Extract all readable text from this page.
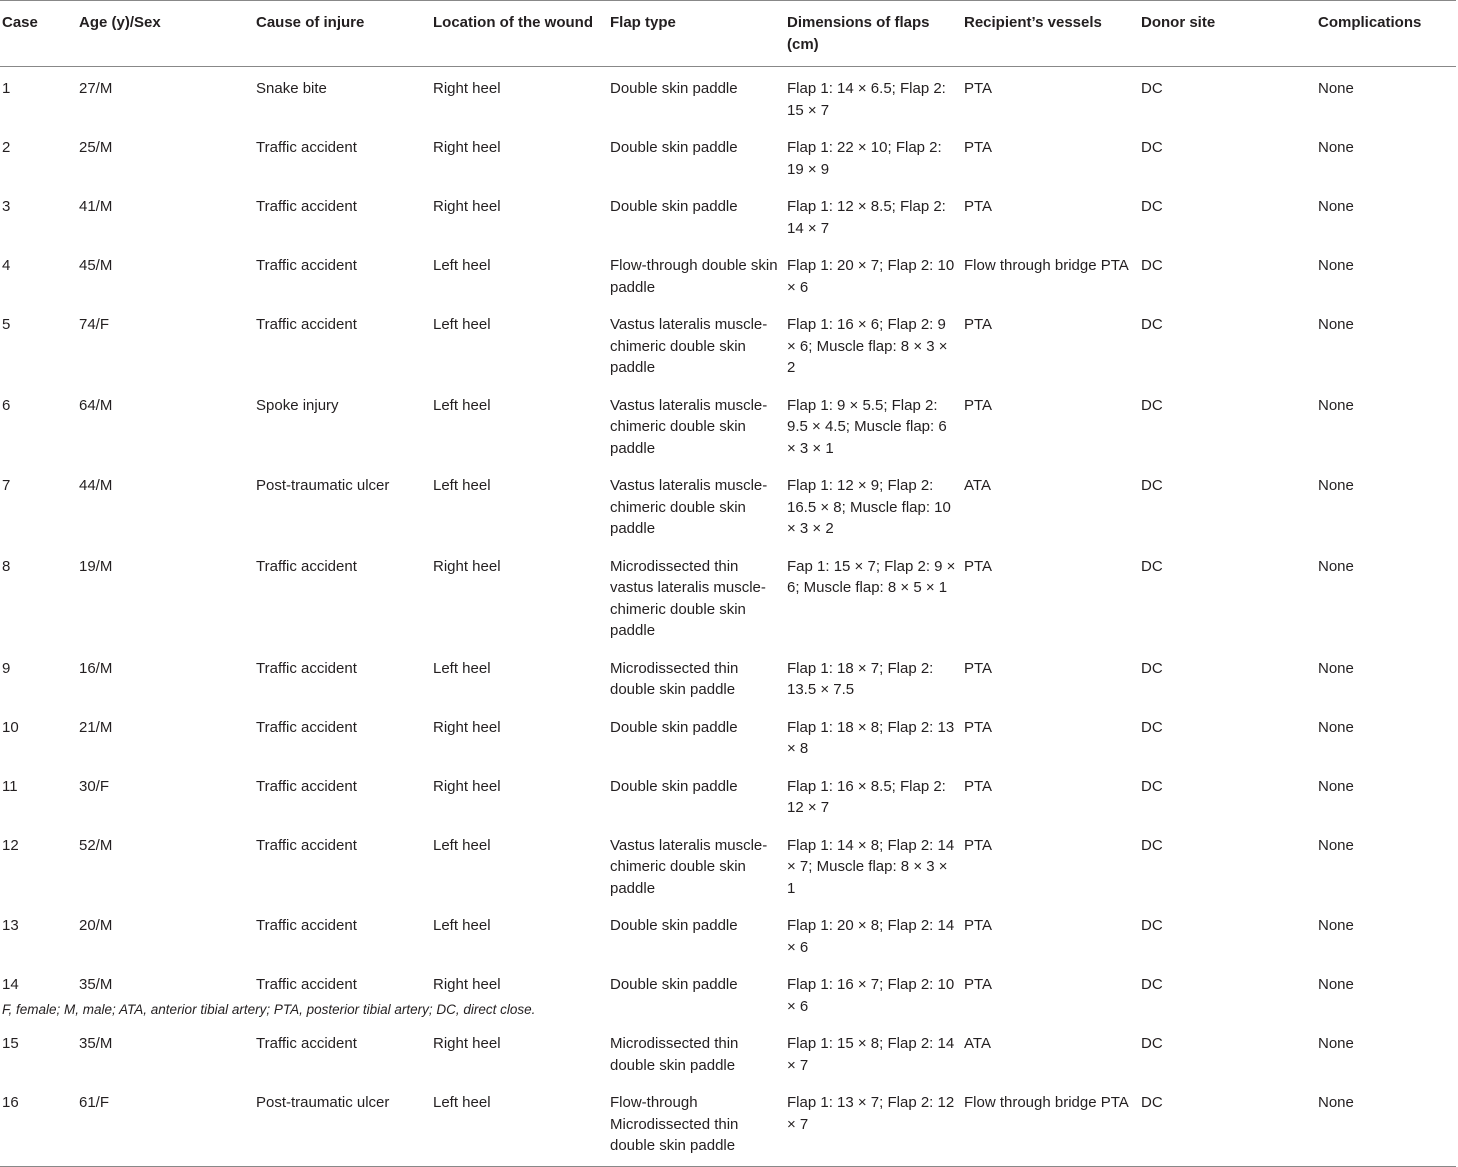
Case	Age (y)/Sex	Cause of injure	Location of the wound	Flap type	Dimensions of flaps (cm)	Recipient’s vessels	Donor site	Complications
1	27/M	Snake bite	Right heel	Double skin paddle	Flap 1: 14 × 6.5; Flap 2: 15 × 7	PTA	DC	None
2	25/M	Traffic accident	Right heel	Double skin paddle	Flap 1: 22 × 10; Flap 2: 19 × 9	PTA	DC	None
3	41/M	Traffic accident	Right heel	Double skin paddle	Flap 1: 12 × 8.5; Flap 2: 14 × 7	PTA	DC	None
4	45/M	Traffic accident	Left heel	Flow-through double skin paddle	Flap 1: 20 × 7; Flap 2: 10 × 6	Flow through bridge PTA	DC	None
5	74/F	Traffic accident	Left heel	Vastus lateralis muscle-chimeric double skin paddle	Flap 1: 16 × 6; Flap 2: 9 × 6; Muscle flap: 8 × 3 × 2	PTA	DC	None
6	64/M	Spoke injury	Left heel	Vastus lateralis muscle-chimeric double skin paddle	Flap 1: 9 × 5.5; Flap 2: 9.5 × 4.5; Muscle flap: 6 × 3 × 1	PTA	DC	None
7	44/M	Post-traumatic ulcer	Left heel	Vastus lateralis muscle-chimeric double skin paddle	Flap 1: 12 × 9; Flap 2: 16.5 × 8; Muscle flap: 10 × 3 × 2	ATA	DC	None
8	19/M	Traffic accident	Right heel	Microdissected thin vastus lateralis muscle-chimeric double skin paddle	Fap 1: 15 × 7; Flap 2: 9 × 6; Muscle flap: 8 × 5 × 1	PTA	DC	None
9	16/M	Traffic accident	Left heel	Microdissected thin double skin paddle	Flap 1: 18 × 7; Flap 2: 13.5 × 7.5	PTA	DC	None
10	21/M	Traffic accident	Right heel	Double skin paddle	Flap 1: 18 × 8; Flap 2: 13 × 8	PTA	DC	None
11	30/F	Traffic accident	Right heel	Double skin paddle	Flap 1: 16 × 8.5; Flap 2: 12 × 7	PTA	DC	None
12	52/M	Traffic accident	Left heel	Vastus lateralis muscle-chimeric double skin paddle	Flap 1: 14 × 8; Flap 2: 14 × 7; Muscle flap: 8 × 3 × 1	PTA	DC	None
13	20/M	Traffic accident	Left heel	Double skin paddle	Flap 1: 20 × 8; Flap 2: 14 × 6	PTA	DC	None
14	35/M	Traffic accident	Right heel	Double skin paddle	Flap 1: 16 × 7; Flap 2: 10 × 6	PTA	DC	None
15	35/M	Traffic accident	Right heel	Microdissected thin double skin paddle	Flap 1: 15 × 8; Flap 2: 14 × 7	ATA	DC	None
16	61/F	Post-traumatic ulcer	Left heel	Flow-through Microdissected thin double skin paddle	Flap 1: 13 × 7; Flap 2: 12 × 7	Flow through bridge PTA	DC	None
F, female; M, male; ATA, anterior tibial artery; PTA, posterior tibial artery; DC, direct close.
